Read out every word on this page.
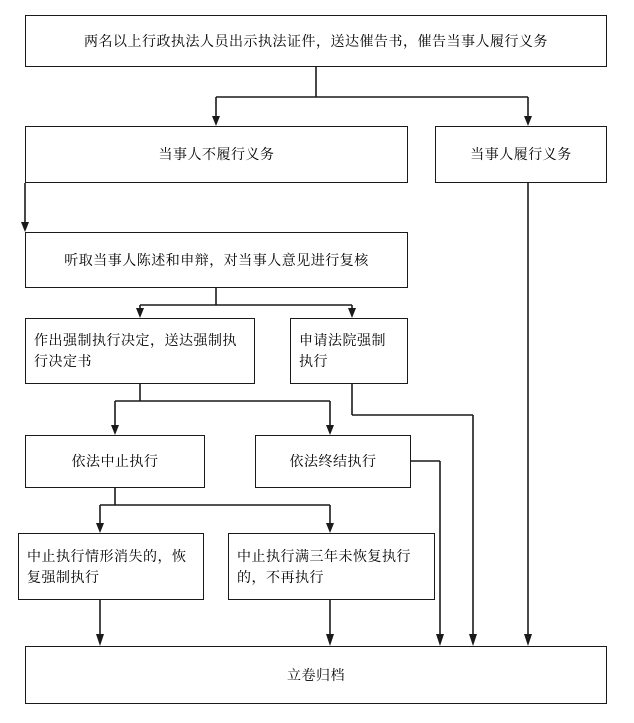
两名以上行政执法人员出示执法证件，送达催告书，催告当事人履行义务
当事人不履行义务	当事人履行义务
听取当事人陈述和申辩，对当事人意见进行复核
作出强制执行决定，送达强制执行决定书
申请法院强制执行
依法中止执行	依法终结执行
中止执行情形消失的，恢复强制执行
中止执行满三年未恢复执行的，不再执行
立卷归档
